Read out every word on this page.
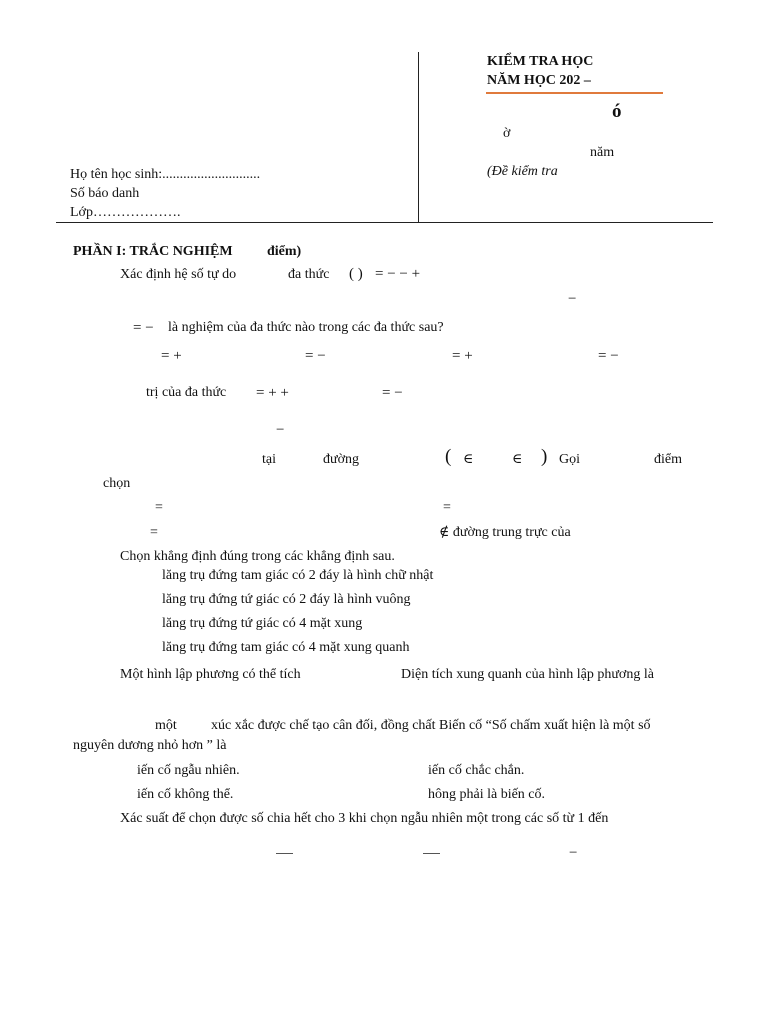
KIỂM TRA HỌC
NĂM HỌC 202 –
ó
ờ
năm
(Đề kiểm tra
Họ tên học sinh:............................
Số báo danh
Lớp……………….
PHẦN I: TRẮC NGHIỆM điểm)
Xác định hệ số tự do	đa thức ( ) = − − +
−
= − là nghiệm của đa thức nào trong các đa thức sau?
= +	= −	= +	= −
trị của đa thức = + +	= −
−
tại	đường	( ∈	∈ ) Gọi	điểm
chọn
=	=
=	∉ đường trung trực của
Chọn khẳng định đúng trong các khẳng định sau.
lăng trụ đứng tam giác có 2 đáy là hình chữ nhật
lăng trụ đứng tứ giác có 2 đáy là hình vuông
lăng trụ đứng tứ giác có 4 mặt xung
lăng trụ đứng tam giác có 4 mặt xung quanh
Một hình lập phương có thể tích	Diện tích xung quanh của hình lập phương là
một xúc xắc được chế tạo cân đối, đồng chất Biến cố “Số chấm xuất hiện là một số
nguyên dương nhỏ hơn ” là
iến cố ngẫu nhiên.	iến cố chắc chắn.
iến cố không thể.	hông phải là biến cố.
Xác suất để chọn được số chia hết cho 3 khi chọn ngẫu nhiên một trong các số từ 1 đến
−
